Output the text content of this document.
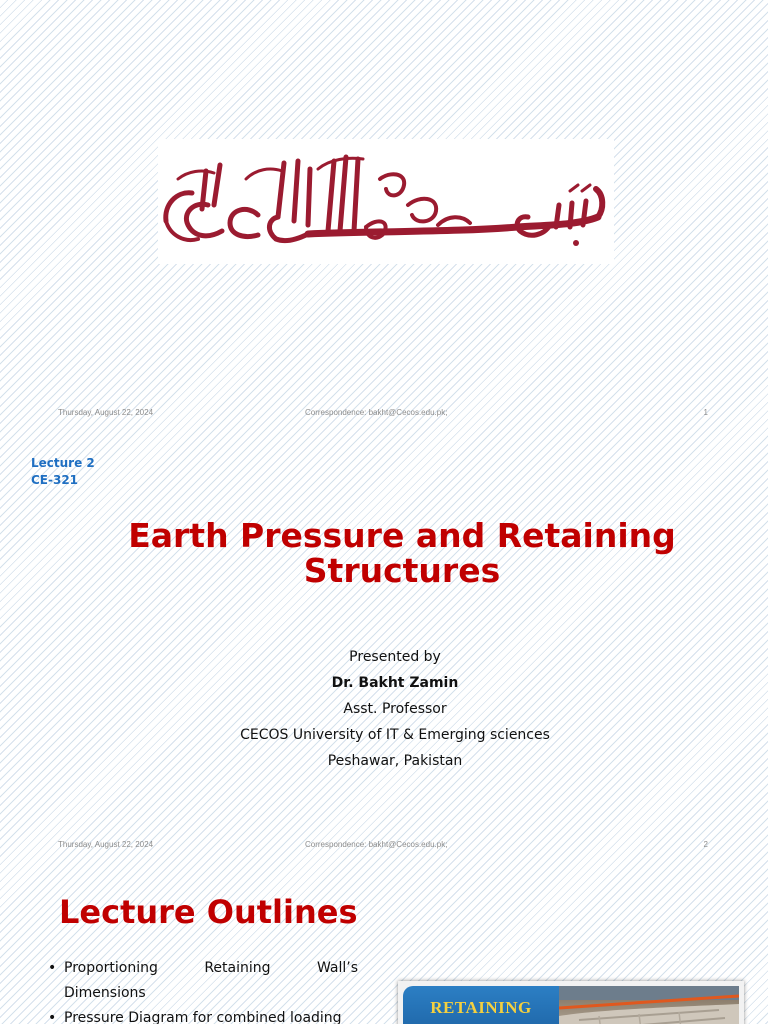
Thursday, August 22, 2024	Correspondence: bakht@Cecos.edu.pk;	1
Lecture 2
CE-321
Earth Pressure and Retaining Structures
Presented by
Dr. Bakht Zamin
Asst. Professor
CECOS University of IT & Emerging sciences
Peshawar, Pakistan
Thursday, August 22, 2024	Correspondence: bakht@Cecos.edu.pk;	2
Lecture Outlines
• Proportioning Retaining Wall’s Dimensions
• Pressure Diagram for combined loading
RETAINING
